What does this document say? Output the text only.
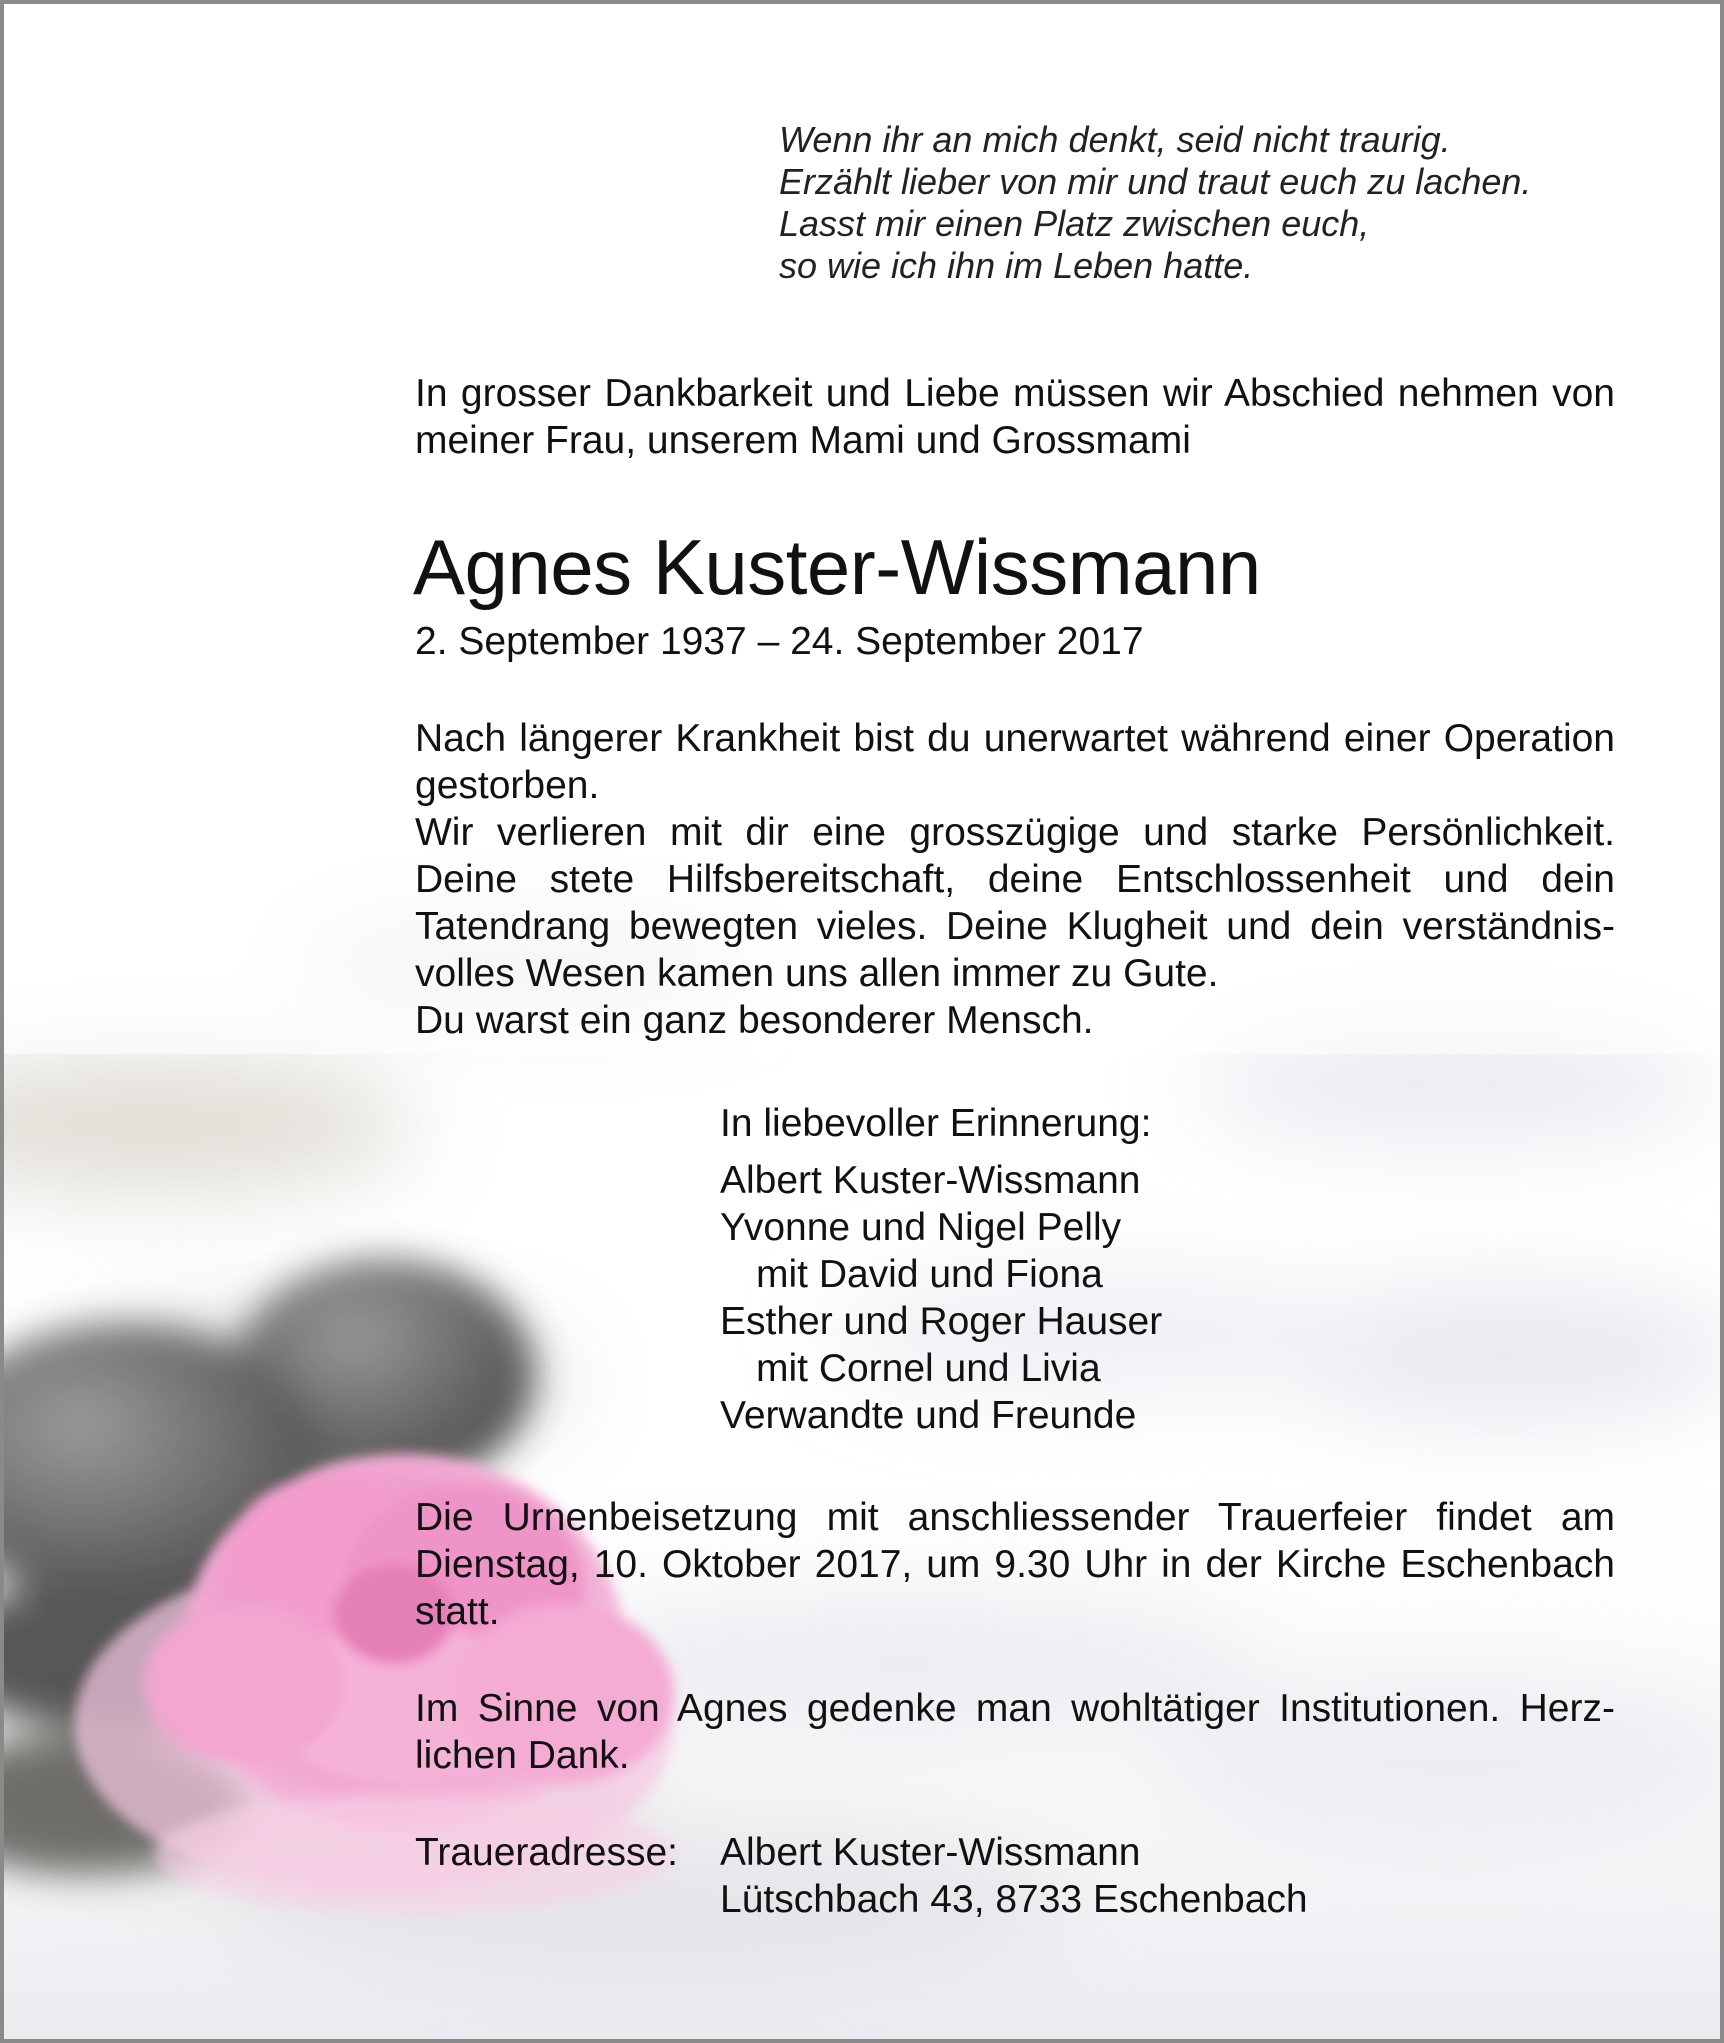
Wenn ihr an mich denkt, seid nicht traurig.
Erzählt lieber von mir und traut euch zu lachen.
Lasst mir einen Platz zwischen euch,
so wie ich ihn im Leben hatte.
In grosser Dankbarkeit und Liebe müssen wir Abschied nehmen von meiner Frau, unserem Mami und Grossmami
Agnes Kuster-Wissmann
2. September 1937 – 24. September 2017
Nach längerer Krankheit bist du unerwartet während einer Operation gestorben.
Wir verlieren mit dir eine grosszügige und starke Persönlichkeit. Deine stete Hilfsbereitschaft, deine Entschlossenheit und dein Tatendrang bewegten vieles. Deine Klugheit und dein verständnisvolles Wesen kamen uns allen immer zu Gute.
Du warst ein ganz besonderer Mensch.
In liebevoller Erinnerung:
Albert Kuster-Wissmann
Yvonne und Nigel Pelly
mit David und Fiona
Esther und Roger Hauser
mit Cornel und Livia
Verwandte und Freunde
Die Urnenbeisetzung mit anschliessender Trauerfeier findet am Dienstag, 10. Oktober 2017, um 9.30 Uhr in der Kirche Eschenbach statt.
Im Sinne von Agnes gedenke man wohltätiger Institutionen. Herzlichen Dank.
Traueradresse: Albert Kuster-Wissmann
Lütschbach 43, 8733 Eschenbach
